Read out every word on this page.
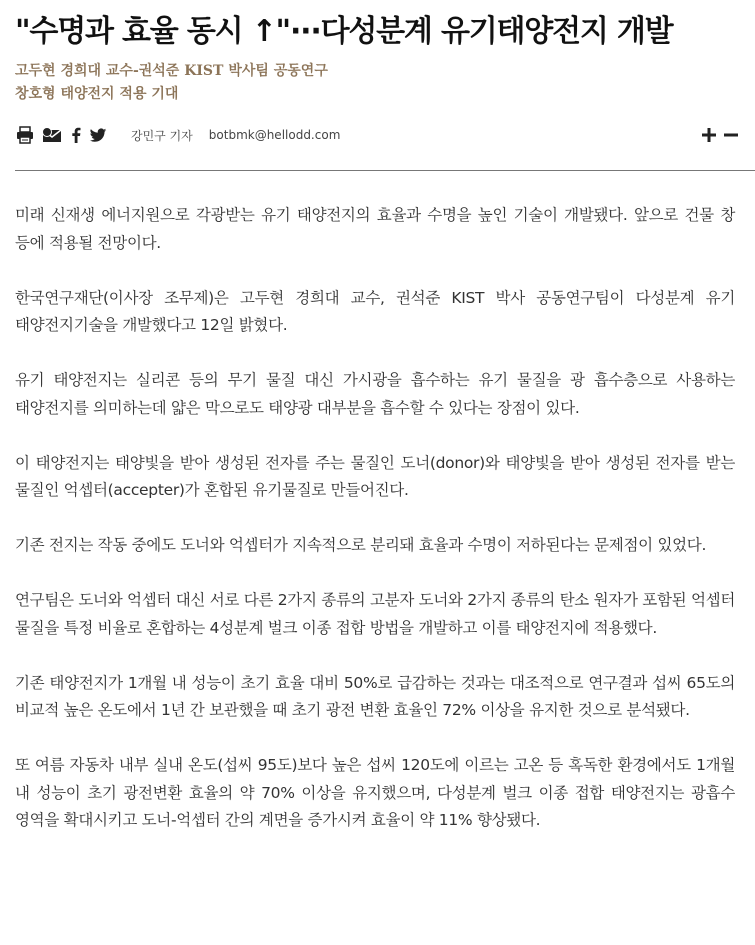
"수명과 효율 동시 ↑"···다성분계 유기태양전지 개발
고두현 경희대 교수-권석준 KIST 박사팀 공동연구
창호형 태양전지 적용 기대
강민구 기자 botbmk@hellodd.com

미래 신재생 에너지원으로 각광받는 유기 태양전지의 효율과 수명을 높인 기술이 개발됐다. 앞으로 건물 창 등에 적용될 전망이다.

한국연구재단(이사장 조무제)은 고두현 경희대 교수, 권석준 KIST 박사 공동연구팀이 다성분계 유기 태양전지기술을 개발했다고 12일 밝혔다.

유기 태양전지는 실리콘 등의 무기 물질 대신 가시광을 흡수하는 유기 물질을 광 흡수층으로 사용하는 태양전지를 의미하는데 얇은 막으로도 태양광 대부분을 흡수할 수 있다는 장점이 있다.

이 태양전지는 태양빛을 받아 생성된 전자를 주는 물질인 도너(donor)와 태양빛을 받아 생성된 전자를 받는 물질인 억셉터(accepter)가 혼합된 유기물질로 만들어진다.

기존 전지는 작동 중에도 도너와 억셉터가 지속적으로 분리돼 효율과 수명이 저하된다는 문제점이 있었다.

연구팀은 도너와 억셉터 대신 서로 다른 2가지 종류의 고분자 도너와 2가지 종류의 탄소 원자가 포함된 억셉터 물질을 특정 비율로 혼합하는 4성분계 벌크 이종 접합 방법을 개발하고 이를 태양전지에 적용했다.

기존 태양전지가 1개월 내 성능이 초기 효율 대비 50%로 급감하는 것과는 대조적으로 연구결과 섭씨 65도의 비교적 높은 온도에서 1년 간 보관했을 때 초기 광전 변환 효율인 72% 이상을 유지한 것으로 분석됐다.

또 여름 자동차 내부 실내 온도(섭씨 95도)보다 높은 섭씨 120도에 이르는 고온 등 혹독한 환경에서도 1개월 내 성능이 초기 광전변환 효율의 약 70% 이상을 유지했으며, 다성분계 벌크 이종 접합 태양전지는 광흡수 영역을 확대시키고 도너-억셉터 간의 계면을 증가시켜 효율이 약 11% 향상됐다.
